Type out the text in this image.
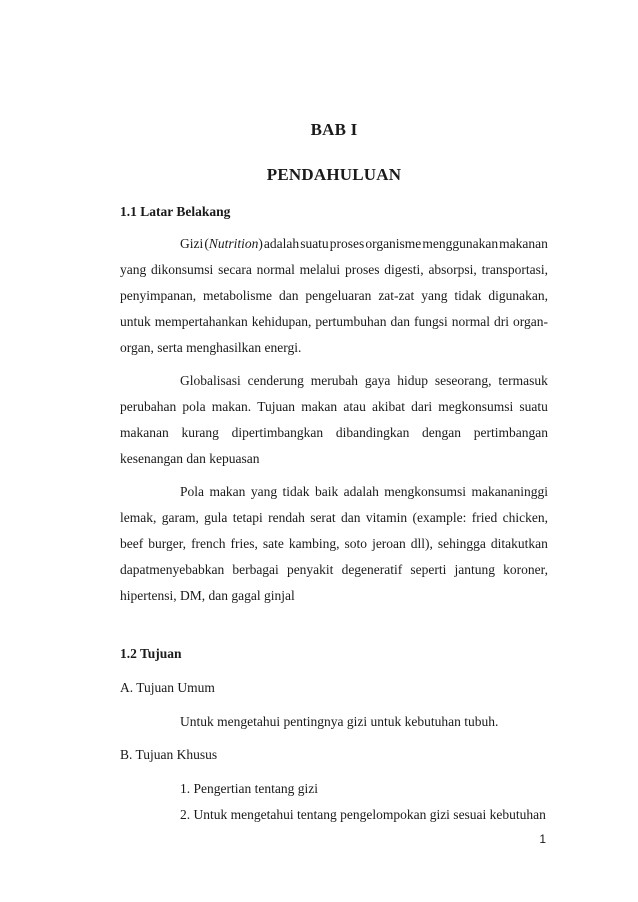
BAB I
PENDAHULUAN
1.1 Latar Belakang
Gizi (Nutrition) adalah suatu proses organisme menggunakan makanan
yang dikonsumsi secara normal melalui proses digesti, absorpsi, transportasi,
penyimpanan, metabolisme dan pengeluaran zat-zat yang tidak digunakan,
untuk mempertahankan kehidupan, pertumbuhan dan fungsi normal dri organ-
organ, serta menghasilkan energi.
Globalisasi cenderung merubah gaya hidup seseorang, termasuk
perubahan pola makan. Tujuan makan atau akibat dari megkonsumsi suatu
makanan kurang dipertimbangkan dibandingkan dengan pertimbangan
kesenangan dan kepuasan
Pola makan yang tidak baik adalah mengkonsumsi makananinggi
lemak, garam, gula tetapi rendah serat dan vitamin (example: fried chicken,
beef burger, french fries, sate kambing, soto jeroan dll), sehingga ditakutkan
dapatmenyebabkan berbagai penyakit degeneratif seperti jantung koroner,
hipertensi, DM, dan gagal ginjal
1.2 Tujuan
A. Tujuan Umum
Untuk mengetahui pentingnya gizi untuk kebutuhan tubuh.
B. Tujuan Khusus
1. Pengertian tentang gizi
2. Untuk mengetahui tentang pengelompokan gizi sesuai kebutuhan
1
